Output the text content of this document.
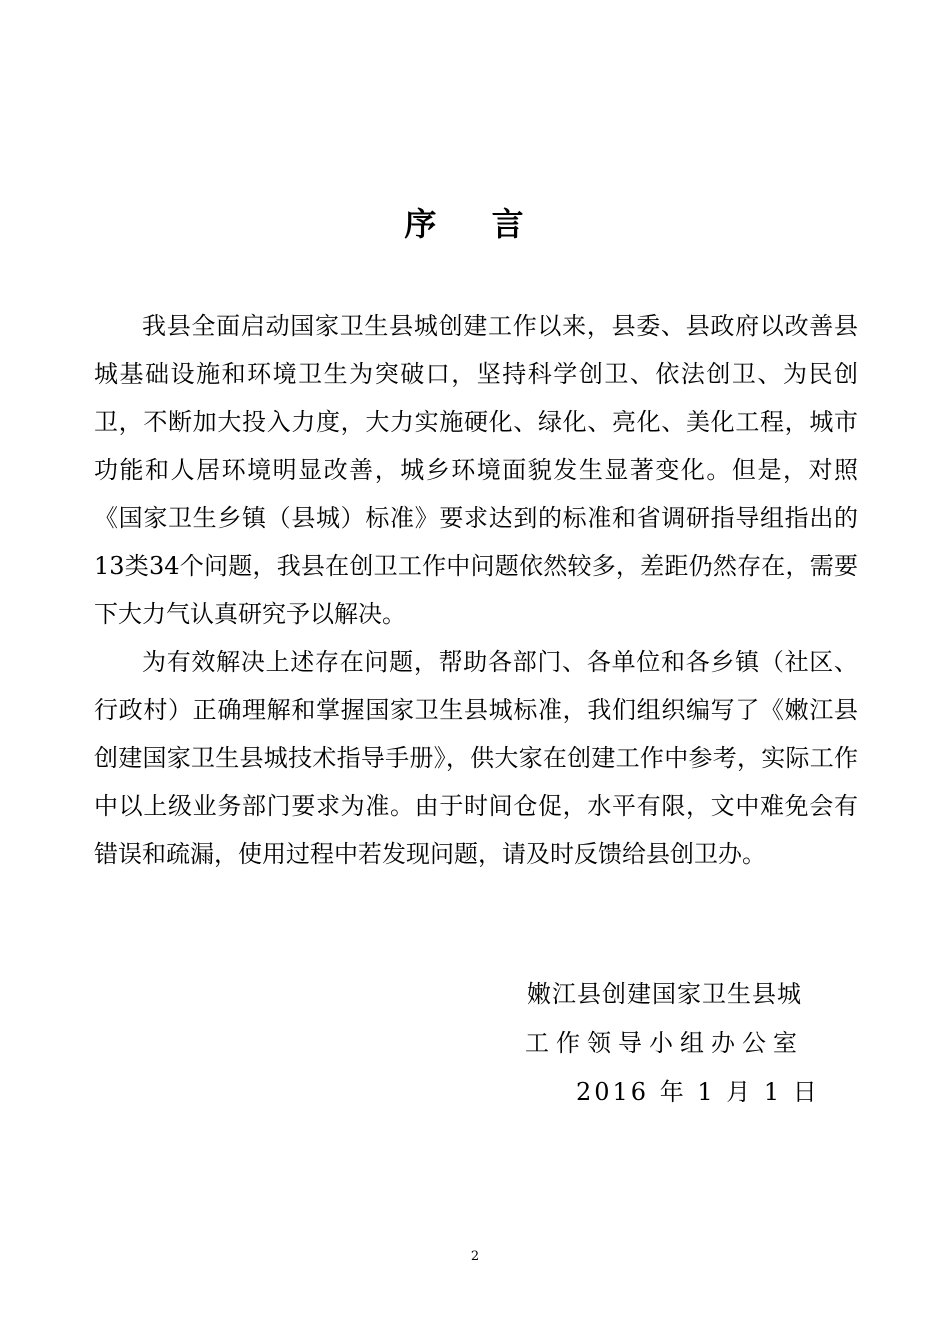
序 言

我县全面启动国家卫生县城创建工作以来，县委、县政府以改善县城基础设施和环境卫生为突破口，坚持科学创卫、依法创卫、为民创卫，不断加大投入力度，大力实施硬化、绿化、亮化、美化工程，城市功能和人居环境明显改善，城乡环境面貌发生显著变化。但是，对照《国家卫生乡镇（县城）标准》要求达到的标准和省调研指导组指出的13类34个问题，我县在创卫工作中问题依然较多，差距仍然存在，需要下大力气认真研究予以解决。

为有效解决上述存在问题，帮助各部门、各单位和各乡镇（社区、行政村）正确理解和掌握国家卫生县城标准，我们组织编写了《嫩江县创建国家卫生县城技术指导手册》，供大家在创建工作中参考，实际工作中以上级业务部门要求为准。由于时间仓促，水平有限，文中难免会有错误和疏漏，使用过程中若发现问题，请及时反馈给县创卫办。

嫩江县创建国家卫生县城
工作领导小组办公室
2016 年 1 月 1 日
2
